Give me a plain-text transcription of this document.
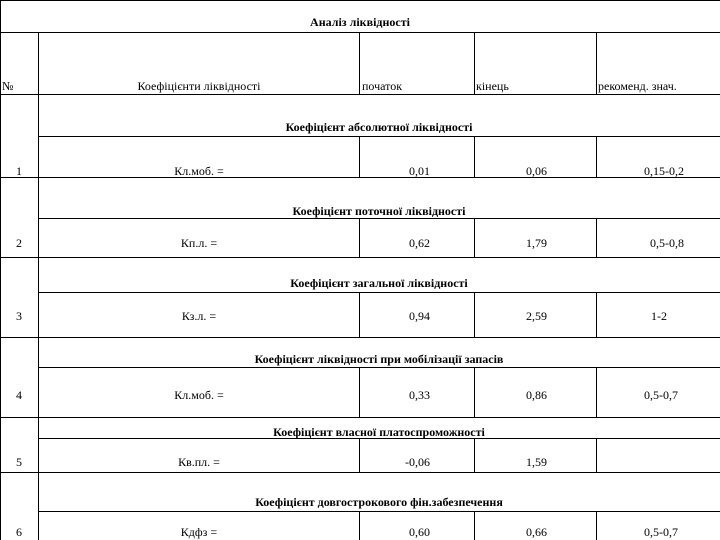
Аналіз ліквідності
№	Коефіцієнти ліквідності	початок	кінець	рекоменд. знач.
Коефіцієнт абсолютної ліквідності
1	Кл.моб. =	0,01	0,06	0,15-0,2
Коефіцієнт поточної ліквідності
2	Кп.л. =	0,62	1,79	0,5-0,8
Коефіцієнт загальної ліквідності
3	Кз.л. =	0,94	2,59	1-2
Коефіцієнт ліквідності при мобілізації запасів
4	Кл.моб. =	0,33	0,86	0,5-0,7
Коефіцієнт власної платоспроможності
5	Кв.пл. =	-0,06	1,59
Коефіцієнт довгострокового фін.забезпечення
6	Кдфз =	0,60	0,66	0,5-0,7
